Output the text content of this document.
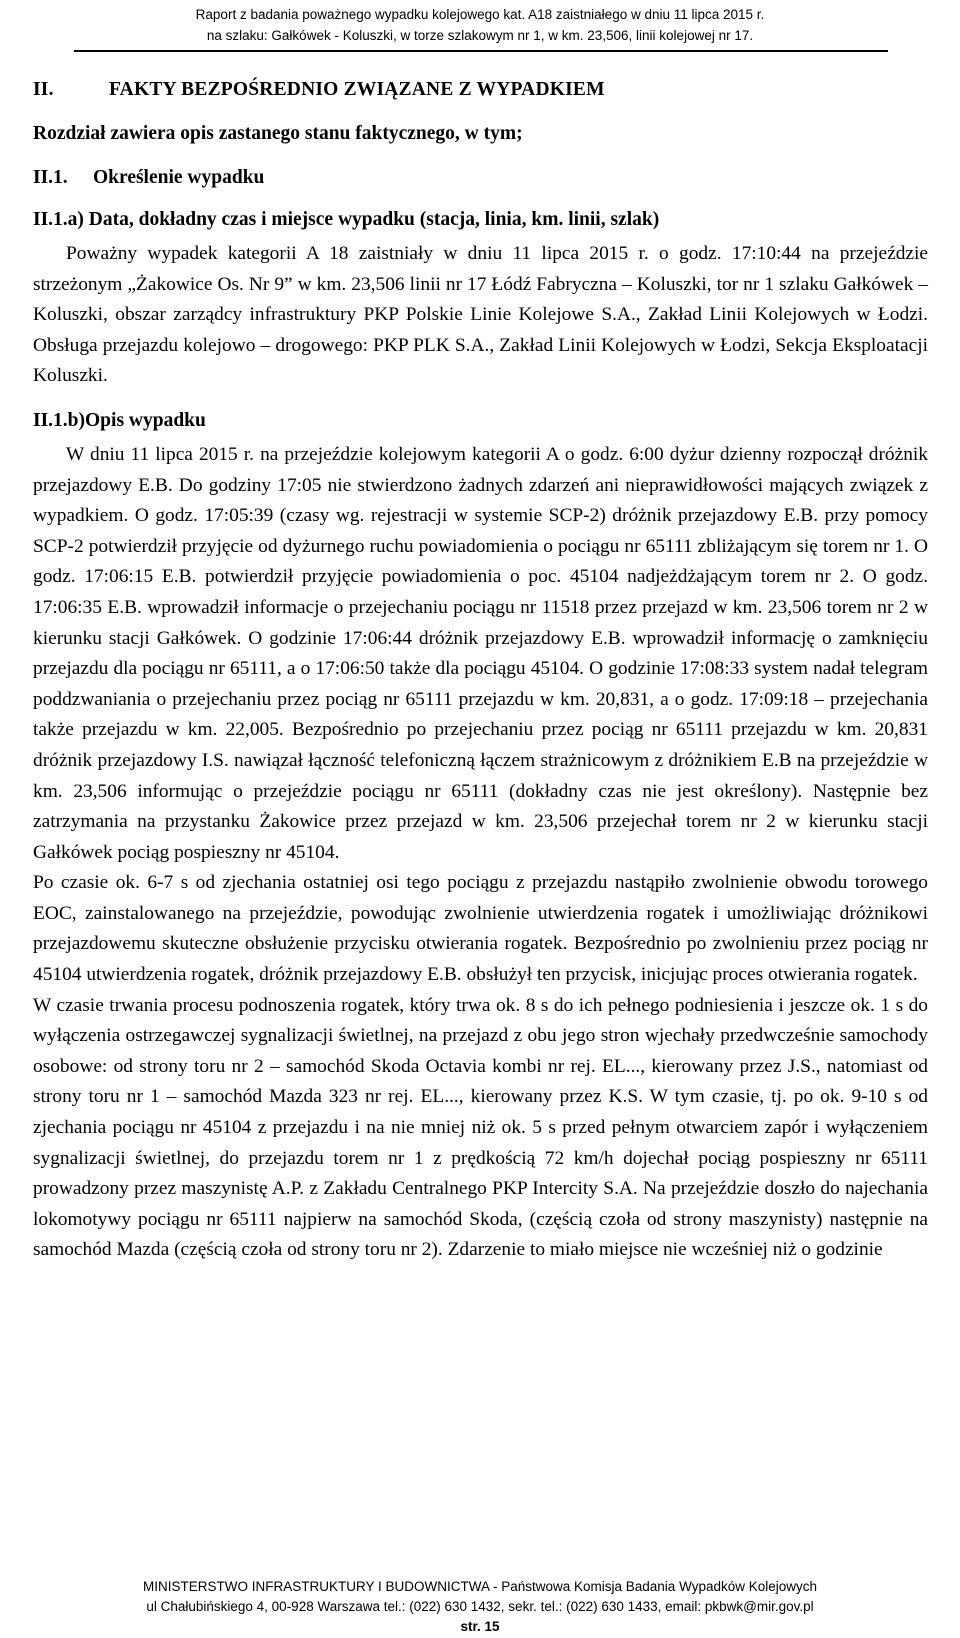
Raport z badania poważnego wypadku kolejowego kat. A18 zaistniałego w dniu 11 lipca 2015 r.
na szlaku: Gałkówek - Koluszki, w torze szlakowym nr 1, w km. 23,506, linii kolejowej nr 17.
II.	FAKTY BEZPOŚREDNIO ZWIĄZANE Z WYPADKIEM
Rozdział zawiera opis zastanego stanu faktycznego, w tym;
II.1. Określenie wypadku
II.1.a) Data, dokładny czas i miejsce wypadku (stacja, linia, km. linii, szlak)

Poważny wypadek kategorii A 18 zaistniały w dniu 11 lipca 2015 r. o godz. 17:10:44 na przejeździe strzeżonym „Żakowice Os. Nr 9” w km. 23,506 linii nr 17 Łódź Fabryczna – Koluszki, tor nr 1 szlaku Gałkówek – Koluszki, obszar zarządcy infrastruktury PKP Polskie Linie Kolejowe S.A., Zakład Linii Kolejowych w Łodzi. Obsługa przejazdu kolejowo – drogowego: PKP PLK S.A., Zakład Linii Kolejowych w Łodzi, Sekcja Eksploatacji Koluszki.

II.1.b)Opis wypadku

W dniu 11 lipca 2015 r. na przejeździe kolejowym kategorii A o godz. 6:00 dyżur dzienny rozpoczął dróżnik przejazdowy E.B. Do godziny 17:05 nie stwierdzono żadnych zdarzeń ani nieprawidłowości mających związek z wypadkiem. O godz. 17:05:39 (czasy wg. rejestracji w systemie SCP-2) dróżnik przejazdowy E.B. przy pomocy SCP-2 potwierdził przyjęcie od dyżurnego ruchu powiadomienia o pociągu nr 65111 zbliżającym się torem nr 1. O godz. 17:06:15 E.B. potwierdził przyjęcie powiadomienia o poc. 45104 nadjeżdżającym torem nr 2. O godz. 17:06:35 E.B. wprowadził informacje o przejechaniu pociągu nr 11518 przez przejazd w km. 23,506 torem nr 2 w kierunku stacji Gałkówek. O godzinie 17:06:44 dróżnik przejazdowy E.B. wprowadził informację o zamknięciu przejazdu dla pociągu nr 65111, a o 17:06:50 także dla pociągu 45104. O godzinie 17:08:33 system nadał telegram poddzwaniania o przejechaniu przez pociąg nr 65111 przejazdu w km. 20,831, a o godz. 17:09:18 – przejechania także przejazdu w km. 22,005. Bezpośrednio po przejechaniu przez pociąg nr 65111 przejazdu w km. 20,831 dróżnik przejazdowy I.S. nawiązał łączność telefoniczną łączem strażnicowym z dróżnikiem E.B na przejeździe w km. 23,506 informując o przejeździe pociągu nr 65111 (dokładny czas nie jest określony). Następnie bez zatrzymania na przystanku Żakowice przez przejazd w km. 23,506 przejechał torem nr 2 w kierunku stacji Gałkówek pociąg pospieszny nr 45104.

Po czasie ok. 6-7 s od zjechania ostatniej osi tego pociągu z przejazdu nastąpiło zwolnienie obwodu torowego EOC, zainstalowanego na przejeździe, powodując zwolnienie utwierdzenia rogatek i umożliwiając dróżnikowi przejazdowemu skuteczne obsłużenie przycisku otwierania rogatek. Bezpośrednio po zwolnieniu przez pociąg nr 45104 utwierdzenia rogatek, dróżnik przejazdowy E.B. obsłużył ten przycisk, inicjując proces otwierania rogatek.

W czasie trwania procesu podnoszenia rogatek, który trwa ok. 8 s do ich pełnego podniesienia i jeszcze ok. 1 s do wyłączenia ostrzegawczej sygnalizacji świetlnej, na przejazd z obu jego stron wjechały przedwcześnie samochody osobowe: od strony toru nr 2 – samochód Skoda Octavia kombi nr rej. EL..., kierowany przez J.S., natomiast od strony toru nr 1 – samochód Mazda 323 nr rej. EL..., kierowany przez K.S. W tym czasie, tj. po ok. 9-10 s od zjechania pociągu nr 45104 z przejazdu i na nie mniej niż ok. 5 s przed pełnym otwarciem zapór i wyłączeniem sygnalizacji świetlnej, do przejazdu torem nr 1 z prędkością 72 km/h dojechał pociąg pospieszny nr 65111 prowadzony przez maszynistę A.P. z Zakładu Centralnego PKP Intercity S.A. Na przejeździe doszło do najechania lokomotywy pociągu nr 65111 najpierw na samochód Skoda, (częścią czoła od strony maszynisty) następnie na samochód Mazda (częścią czoła od strony toru nr 2). Zdarzenie to miało miejsce nie wcześniej niż o godzinie

MINISTERSTWO INFRASTRUKTURY I BUDOWNICTWA - Państwowa Komisja Badania Wypadków Kolejowych
ul Chałubińskiego 4, 00-928 Warszawa tel.: (022) 630 1432, sekr. tel.: (022) 630 1433, email: pkbwk@mir.gov.pl
str. 15
